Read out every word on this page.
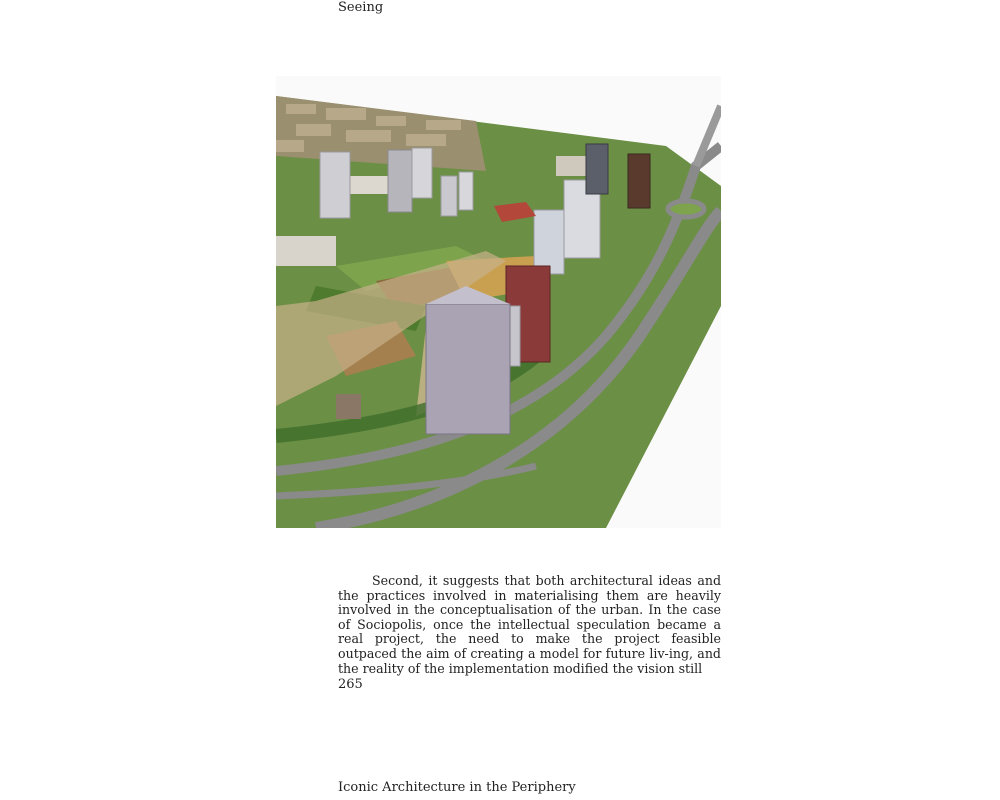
Seeing
Second, it suggests that both architectural ideas and the practices involved in materialising them are heavily involved in the conceptualisation of the urban. In the case of Sociopolis, once the intellectual speculation became a real project, the need to make the project feasible outpaced the aim of creating a model for future liv-ing, and the reality of the implementation modified the vision still
265
Iconic Architecture in the Periphery
